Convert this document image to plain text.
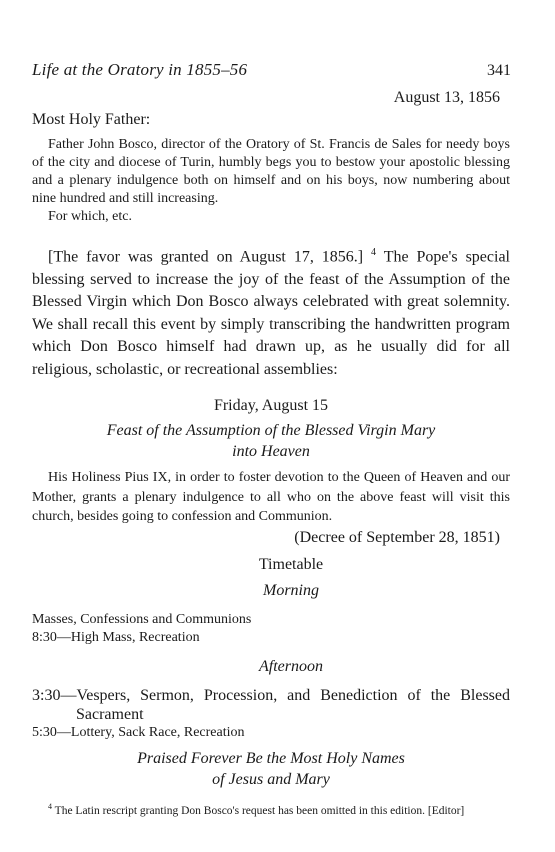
Life at the Oratory in 1855–56	341

August 13, 1856

Most Holy Father:

Father John Bosco, director of the Oratory of St. Francis de Sales for needy boys of the city and diocese of Turin, humbly begs you to bestow your apostolic blessing and a plenary indulgence both on himself and on his boys, now numbering about nine hundred and still increasing.

For which, etc.

[The favor was granted on August 17, 1856.] $^4$ The Pope's special blessing served to increase the joy of the feast of the Assumption of the Blessed Virgin which Don Bosco always celebrated with great solemnity. We shall recall this event by simply transcribing the handwritten program which Don Bosco himself had drawn up, as he usually did for all religious, scholastic, or recreational assemblies:

Friday, August 15

Feast of the Assumption of the Blessed Virgin Mary

into Heaven

His Holiness Pius IX, in order to foster devotion to the Queen of Heaven and our Mother, grants a plenary indulgence to all who on the above feast will visit this church, besides going to confession and Communion.

(Decree of September 28, 1851)

Timetable

Morning

Masses, Confessions and Communions

8:30—High Mass, Recreation

Afternoon

3:30—Vespers, Sermon, Procession, and Benediction of the Blessed Sacrament

5:30—Lottery, Sack Race, Recreation

Praised Forever Be the Most Holy Names

of Jesus and Mary

$^4$ The Latin rescript granting Don Bosco's request has been omitted in this edition. [Editor]
